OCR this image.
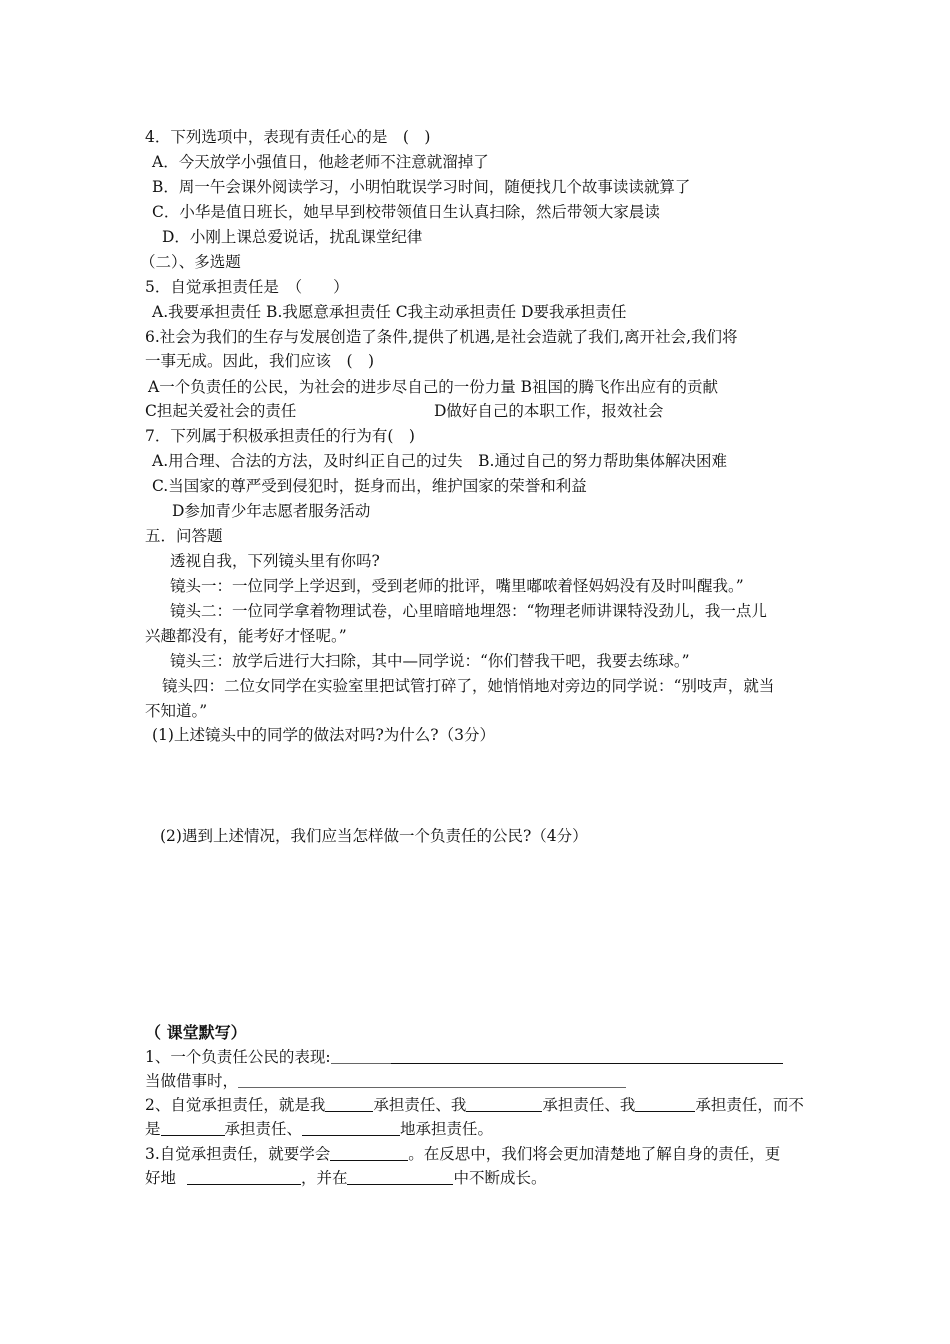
4．下列选项中，表现有责任心的是　(　)
A．今天放学小强值日，他趁老师不注意就溜掉了
B．周一午会课外阅读学习，小明怕耽误学习时间，随便找几个故事读读就算了
C．小华是值日班长，她早早到校带领值日生认真扫除，然后带领大家晨读
D．小刚上课总爱说话，扰乱课堂纪律
（二）、多选题
5．自觉承担责任是　（　　）
A.我要承担责任 B.我愿意承担责任 C我主动承担责任 D要我承担责任
6.社会为我们的生存与发展创造了条件,提供了机遇,是社会造就了我们,离开社会,我们将
一事无成。因此，我们应该　(　)
A一个负责任的公民，为社会的进步尽自己的一份力量 B祖国的腾飞作出应有的贡献
C担起关爱社会的责任	D做好自己的本职工作，报效社会
7．下列属于积极承担责任的行为有(　)
A.用合理、合法的方法，及时纠正自己的过失　B.通过自己的努力帮助集体解决困难
C.当国家的尊严受到侵犯时，挺身而出，维护国家的荣誉和利益
D参加青少年志愿者服务活动
五．问答题
透视自我，下列镜头里有你吗?
镜头一：一位同学上学迟到，受到老师的批评，嘴里嘟哝着怪妈妈没有及时叫醒我。”
镜头二：一位同学拿着物理试卷，心里暗暗地埋怨：“物理老师讲课特没劲儿，我一点儿
兴趣都没有，能考好才怪呢。”
镜头三：放学后进行大扫除，其中—同学说：“你们替我干吧，我要去练球。”
镜头四：二位女同学在实验室里把试管打碎了，她悄悄地对旁边的同学说：“别吱声，就当
不知道。”
(1)上述镜头中的同学的做法对吗?为什么?（3分）
(2)遇到上述情况，我们应当怎样做一个负责任的公民?（4分）
（ 课堂默写）
1、一个负责任公民的表现:
当做借事时，
2、自觉承担责任，就是我	承担责任、我	承担责任、我	承担责任，而不
是	承担责任、	地承担责任。
3.自觉承担责任，就要学会	。在反思中，我们将会更加清楚地了解自身的责任，更
好地	，并在	中不断成长。
